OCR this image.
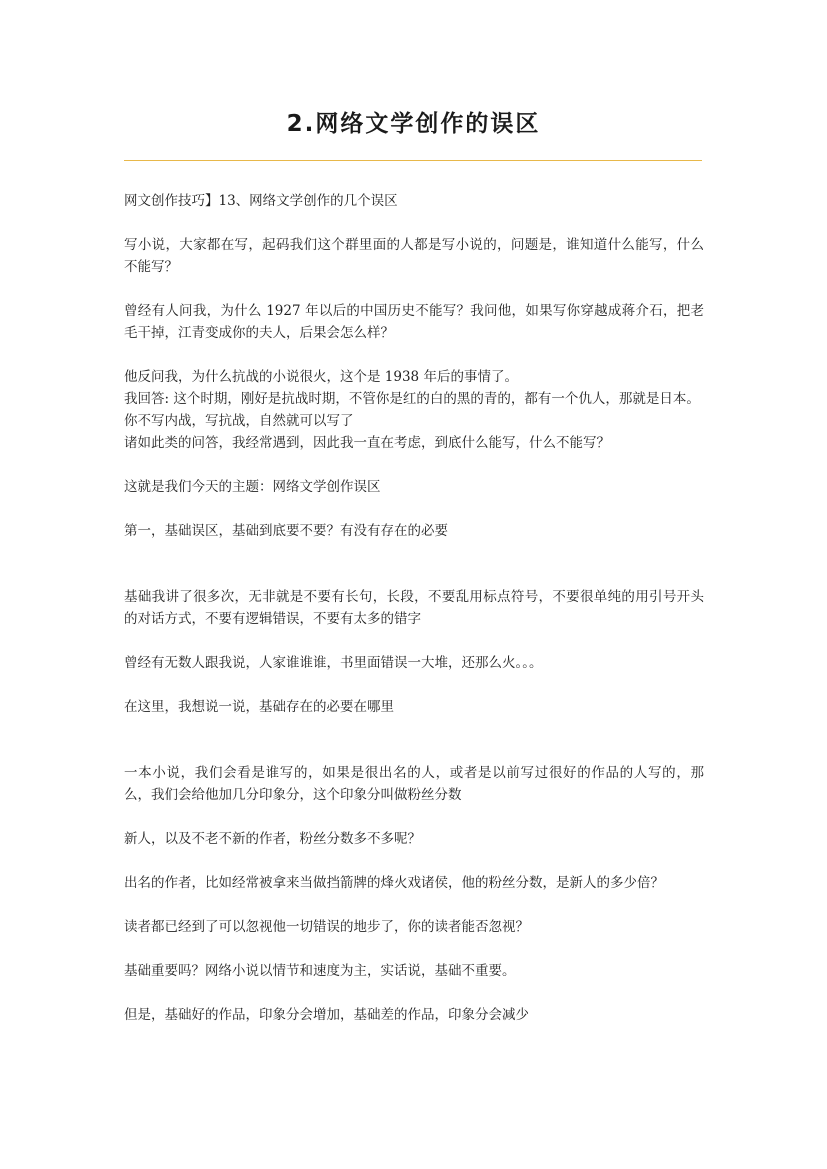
2.网络文学创作的误区

网文创作技巧】13、网络文学创作的几个误区

写小说，大家都在写，起码我们这个群里面的人都是写小说的，问题是，谁知道什么能写，什么不能写？

曾经有人问我，为什么 1927 年以后的中国历史不能写？我问他，如果写你穿越成蒋介石，把老毛干掉，江青变成你的夫人，后果会怎么样？

他反问我，为什么抗战的小说很火，这个是 1938 年后的事情了。

我回答: 这个时期，刚好是抗战时期，不管你是红的白的黑的青的，都有一个仇人，那就是日本。

你不写内战，写抗战，自然就可以写了

诸如此类的问答，我经常遇到，因此我一直在考虑，到底什么能写，什么不能写？

这就是我们今天的主题：网络文学创作误区

第一，基础误区，基础到底要不要？有没有存在的必要

基础我讲了很多次，无非就是不要有长句，长段，不要乱用标点符号，不要很单纯的用引号开头的对话方式，不要有逻辑错误，不要有太多的错字

曾经有无数人跟我说，人家谁谁谁，书里面错误一大堆，还那么火。。。

在这里，我想说一说，基础存在的必要在哪里

一本小说，我们会看是谁写的，如果是很出名的人，或者是以前写过很好的作品的人写的，那么，我们会给他加几分印象分，这个印象分叫做粉丝分数

新人，以及不老不新的作者，粉丝分数多不多呢？

出名的作者，比如经常被拿来当做挡箭牌的烽火戏诸侯，他的粉丝分数，是新人的多少倍？

读者都已经到了可以忽视他一切错误的地步了，你的读者能否忽视？

基础重要吗？网络小说以情节和速度为主，实话说，基础不重要。

但是，基础好的作品，印象分会增加，基础差的作品，印象分会减少
